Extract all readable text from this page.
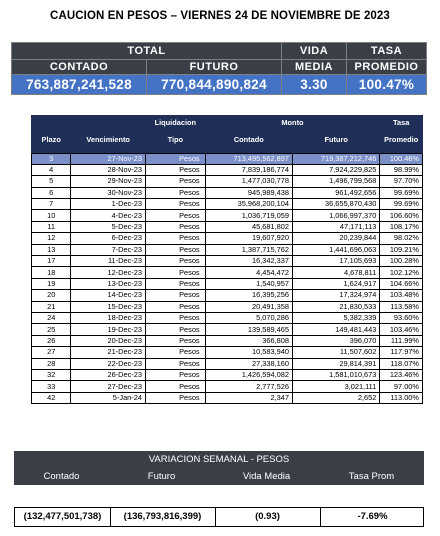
CAUCION EN PESOS – VIERNES 24 DE NOVIEMBRE DE 2023
TOTAL		VIDA	TASA
CONTADO	FUTURO	MEDIA	PROMEDIO
763,887,241,528	770,844,890,824	3.30	100.47%
		Liquidacion	Monto		Tasa
Plazo	Vencimiento	Tipo	Contado	Futuro	Promedio
3	27-Nov-23	Pesos	713,495,562,897	719,387,212,746	100.46%
4	28-Nov-23	Pesos	7,839,186,774	7,924,229,825	98.99%
5	29-Nov-23	Pesos	1,477,030,778	1,496,799,568	97.70%
6	30-Nov-23	Pesos	945,989,438	961,492,656	99.69%
7	1-Dec-23	Pesos	35,968,200,104	36,655,870,430	99.69%
10	4-Dec-23	Pesos	1,036,719,059	1,066,997,370	106.60%
11	5-Dec-23	Pesos	45,681,802	47,171,113	108.17%
12	6-Dec-23	Pesos	19,607,920	20,239,844	98.02%
13	7-Dec-23	Pesos	1,387,715,762	1,441,696,063	109.21%
17	11-Dec-23	Pesos	16,342,337	17,105,693	100.28%
18	12-Dec-23	Pesos	4,454,472	4,678,811	102.12%
19	13-Dec-23	Pesos	1,540,957	1,624,917	104.66%
20	14-Dec-23	Pesos	16,395,256	17,324,974	103.48%
21	15-Dec-23	Pesos	20,491,358	21,830,533	113.58%
24	18-Dec-23	Pesos	5,070,286	5,382,339	93.60%
25	19-Dec-23	Pesos	139,589,465	149,481,443	103.46%
26	20-Dec-23	Pesos	366,808	396,070	111.99%
27	21-Dec-23	Pesos	10,583,940	11,507,602	117.97%
28	22-Dec-23	Pesos	27,338,160	29,814,391	118.07%
32	26-Dec-23	Pesos	1,426,594,082	1,581,010,673	123.46%
33	27-Dec-23	Pesos	2,777,526	3,021,111	97.00%
42	5-Jan-24	Pesos	2,347	2,652	113.00%
VARIACION SEMANAL - PESOS
Contado	Futuro	Vida Media	Tasa Prom
(132,477,501,738)	(136,793,816,399)	(0.93)	-7.69%
